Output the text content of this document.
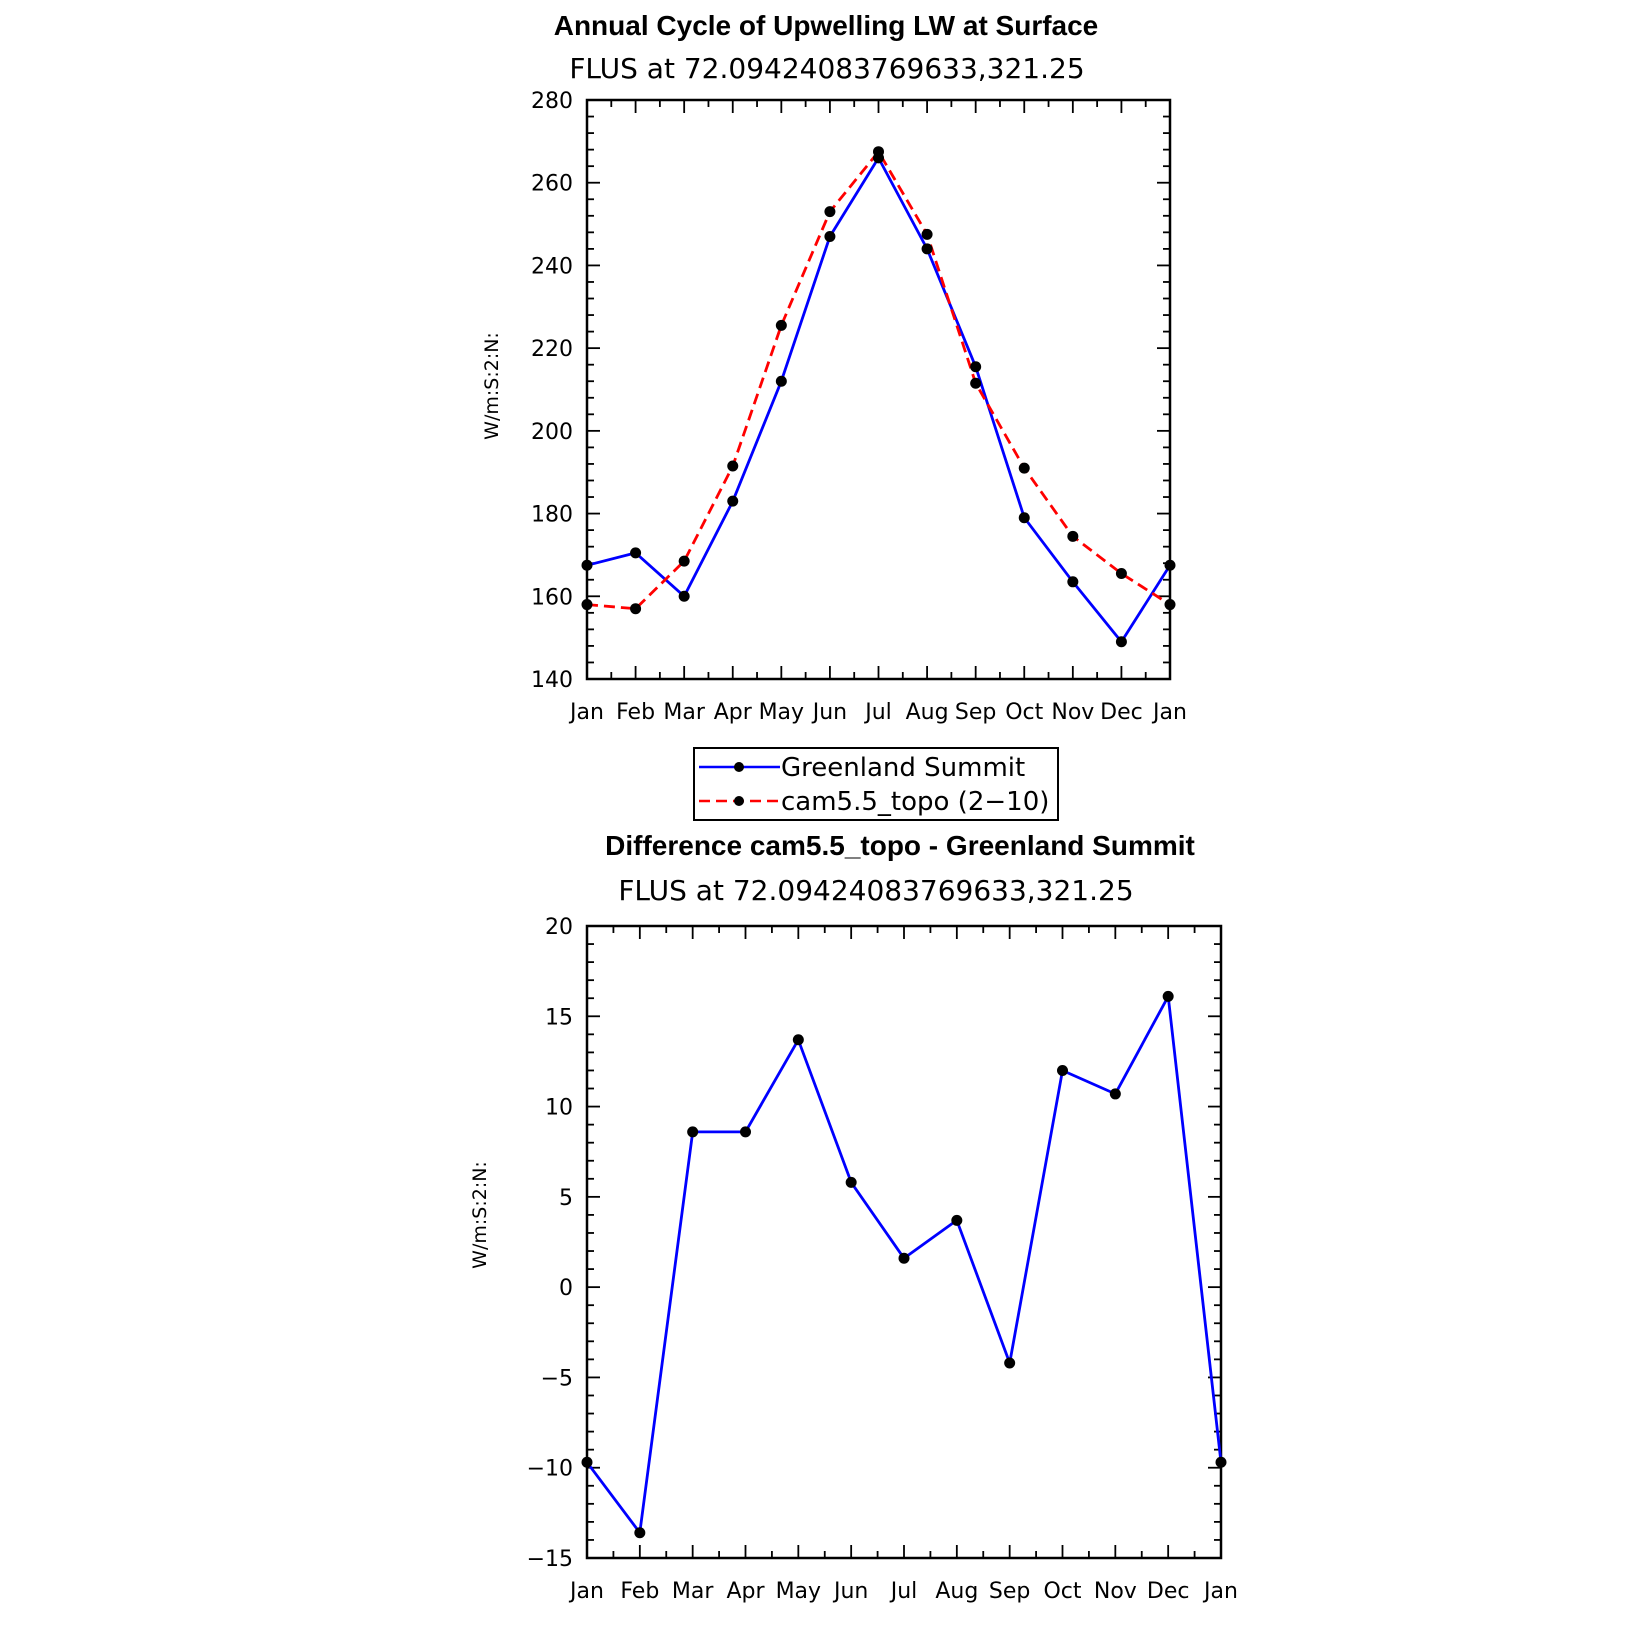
Annual Cycle of Upwelling LW at Surface
FLUS at 72.09424083769633,321.25
W/m:S:2:N:
140
160
180
200
220
240
260
280
Jan Feb Mar Apr May Jun Jul Aug Sep Oct Nov Dec Jan
Greenland Summit
cam5.5_topo (2−10)
Difference cam5.5_topo - Greenland Summit
FLUS at 72.09424083769633,321.25
W/m:S:2:N:
−15
−10
−5
0
5
10
15
20
Jan Feb Mar Apr May Jun Jul Aug Sep Oct Nov Dec Jan
